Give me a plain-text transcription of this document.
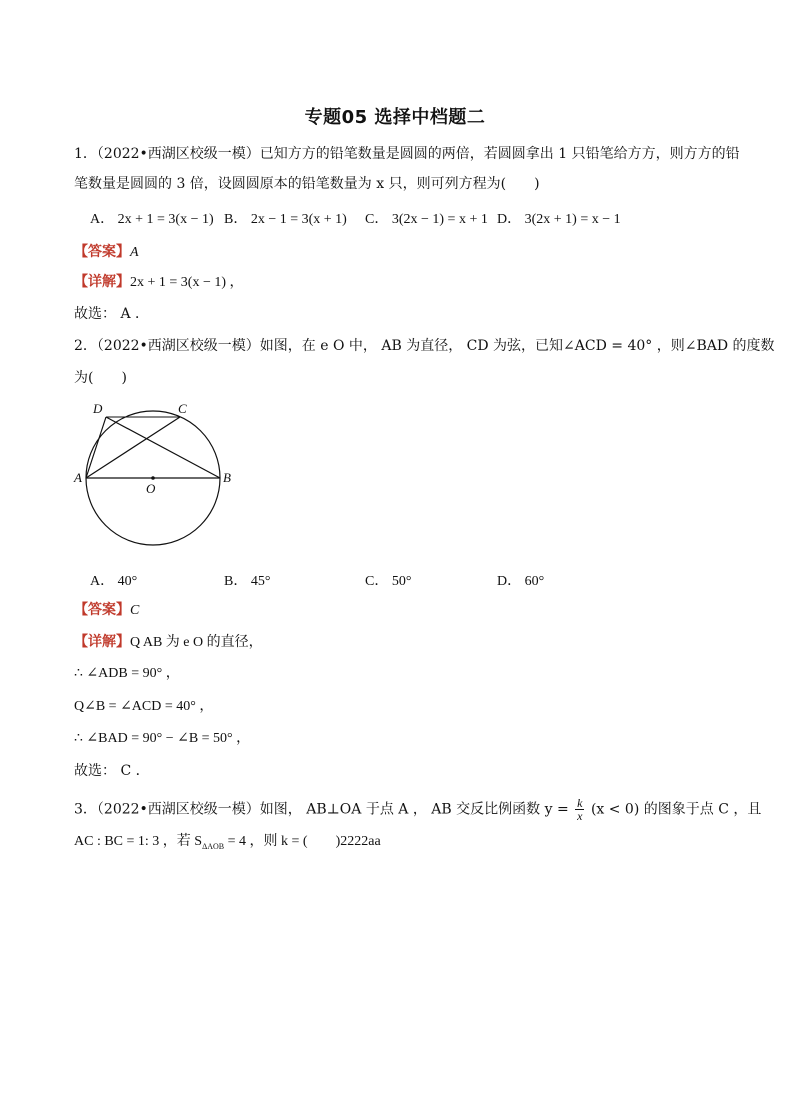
专题05 选择中档题二
1．（2022•西湖区校级一模）已知方方的铅笔数量是圆圆的两倍，若圆圆拿出 1 只铅笔给方方，则方方的铅
笔数量是圆圆的 3 倍，设圆圆原本的铅笔数量为 x 只，则可列方程为(　　)
A． 2x + 1 = 3(x − 1) B． 2x − 1 = 3(x + 1) C． 3(2x − 1) = x + 1 D． 3(2x + 1) = x − 1
【答案】A
【详解】2x + 1 = 3(x − 1) ，
故选： A ．
2．（2022•西湖区校级一模）如图，在 e O 中， AB 为直径， CD 为弦，已知∠ACD = 40° ，则∠BAD 的度数
为(　　)
A	B
C
D
O
A． 40°	B． 45°	C． 50°	D． 60°
【答案】C
【详解】Q AB 为 e O 的直径，
∴ ∠ADB = 90° ，
Q∠B = ∠ACD = 40° ，
∴ ∠BAD = 90° − ∠B = 50° ，
故选： C ．
3．（2022•西湖区校级一模）如图， AB⊥OA 于点 A ， AB 交反比例函数 $y = \frac{k}{x} (x < 0)$ 的图象于点 C ，且
AC : BC = 1: 3 ，若 $S_{\Delta AOB} = 4$ ，则 k = (　　)2222aa
